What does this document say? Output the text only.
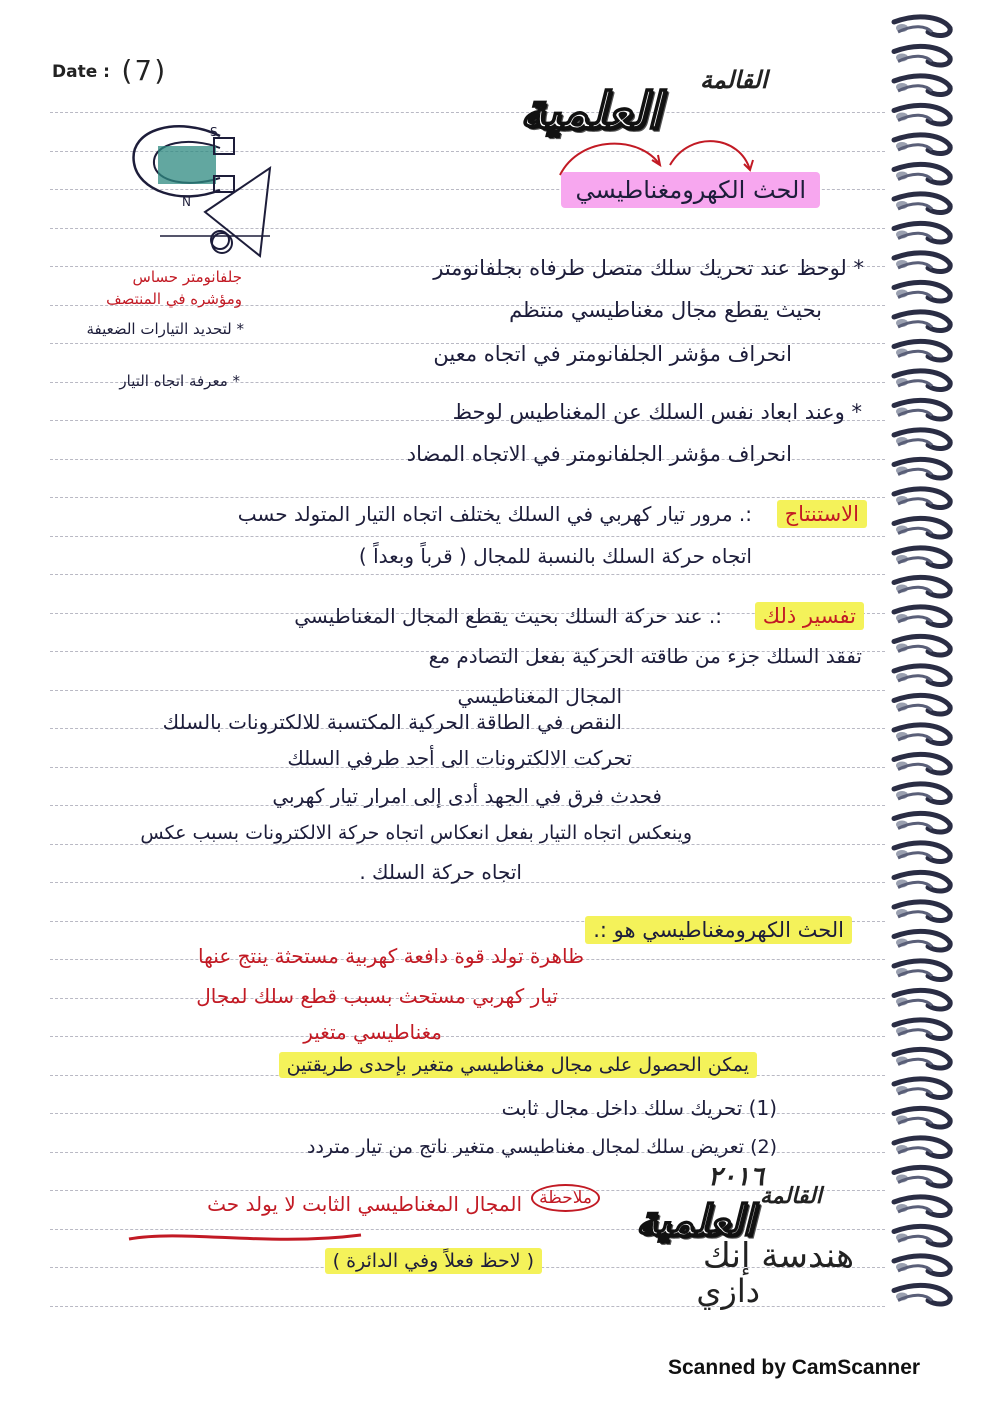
Date : (7)	القالمة
العلمية
S
N	الحث الكهرومغناطيسي
جلفانومتر حساس ومؤشره في المنتصف
* لتحديد التيارات الضعيفة
* معرفة اتجاه التيار
* لوحظ عند تحريك سلك متصل طرفاه بجلفانومتر
بحيث يقطع مجال مغناطيسي منتظم
انحراف مؤشر الجلفانومتر في اتجاه معين
* وعند ابعاد نفس السلك عن المغناطيس لوحظ
انحراف مؤشر الجلفانومتر في الاتجاه المضاد
الاستنتاج
:. مرور تيار كهربي في السلك يختلف اتجاه التيار المتولد حسب
اتجاه حركة السلك بالنسبة للمجال ( قرباً وبعداً )
تفسير ذلك
:. عند حركة السلك بحيث يقطع المجال المغناطيسي
تفقد السلك جزء من طاقته الحركية بفعل التصادم مع
المجال المغناطيسي
النقص في الطاقة الحركية المكتسبة للالكترونات بالسلك
تحركت الالكترونات الى أحد طرفي السلك
فحدث فرق في الجهد أدى إلى امرار تيار كهربي
وينعكس اتجاه التيار بفعل انعكاس اتجاه حركة الالكترونات بسبب عكس
اتجاه حركة السلك .
الحث الكهرومغناطيسي هو :.
ظاهرة تولد قوة دافعة كهربية مستحثة ينتج عنها
تيار كهربي مستحث بسبب قطع سلك لمجال
مغناطيسي متغير
يمكن الحصول على مجال مغناطيسي متغير بإحدى طريقتين
(1) تحريك سلك داخل مجال ثابت
(2) تعريض سلك لمجال مغناطيسي متغير ناتج من تيار متردد
ملاحظة
المجال المغناطيسي الثابت لا يولد حث
( لاحظ فعلاً وفي الدائرة )
٢٠١٦
القالمة
العلمية
هندسة إنك
دازي
Scanned by CamScanner
